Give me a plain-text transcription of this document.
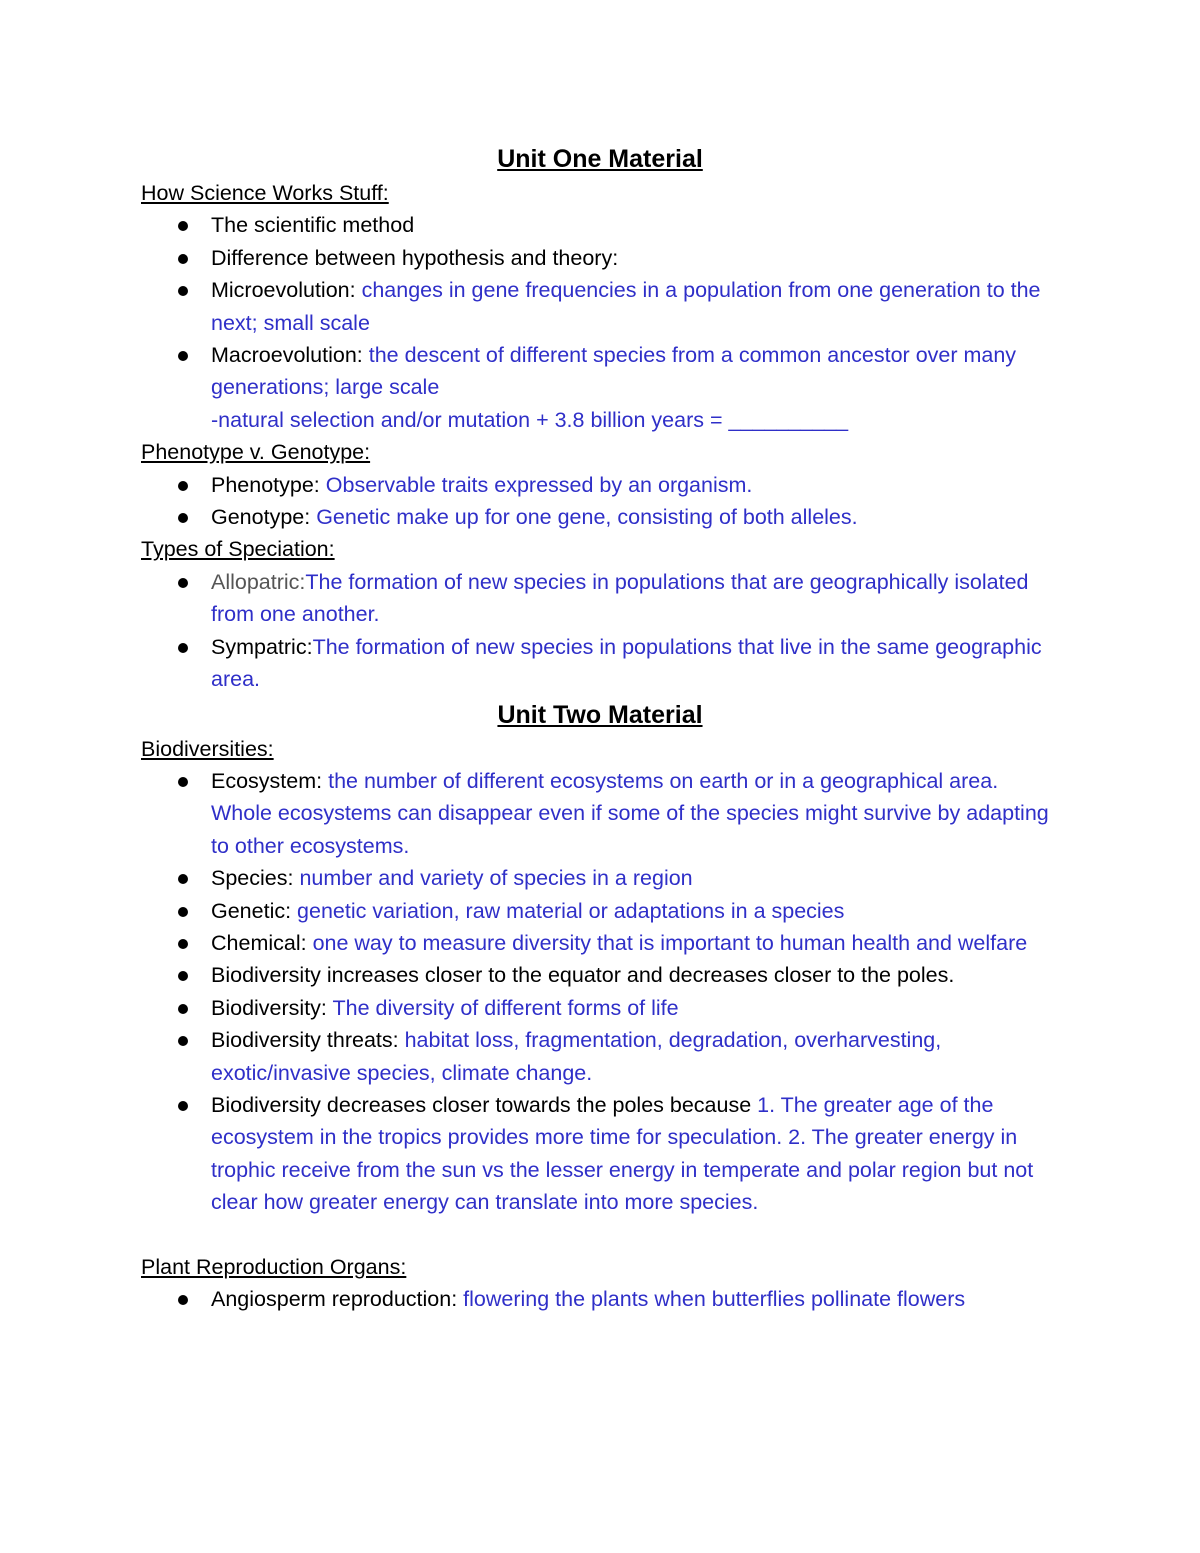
Unit One Material
How Science Works Stuff:
The scientific method
Difference between hypothesis and theory:
Microevolution: changes in gene frequencies in a population from one generation to the next; small scale
Macroevolution: the descent of different species from a common ancestor over many generations; large scale
-natural selection and/or mutation + 3.8 billion years = __________
Phenotype v. Genotype:
Phenotype: Observable traits expressed by an organism.
Genotype: Genetic make up for one gene, consisting of both alleles.
Types of Speciation:
Allopatric:The formation of new species in populations that are geographically isolated from one another.
Sympatric:The formation of new species in populations that live in the same geographic area.
Unit Two Material
Biodiversities:
Ecosystem: the number of different ecosystems on earth or in a geographical area. Whole ecosystems can disappear even if some of the species might survive by adapting to other ecosystems.
Species: number and variety of species in a region
Genetic: genetic variation, raw material or adaptations in a species
Chemical: one way to measure diversity that is important to human health and welfare
Biodiversity increases closer to the equator and decreases closer to the poles.
Biodiversity: The diversity of different forms of life
Biodiversity threats: habitat loss, fragmentation, degradation, overharvesting, exotic/invasive species, climate change.
Biodiversity decreases closer towards the poles because 1. The greater age of the ecosystem in the tropics provides more time for speculation. 2. The greater energy in trophic receive from the sun vs the lesser energy in temperate and polar region but not clear how greater energy can translate into more species.
Plant Reproduction Organs:
Angiosperm reproduction: flowering the plants when butterflies pollinate flowers
